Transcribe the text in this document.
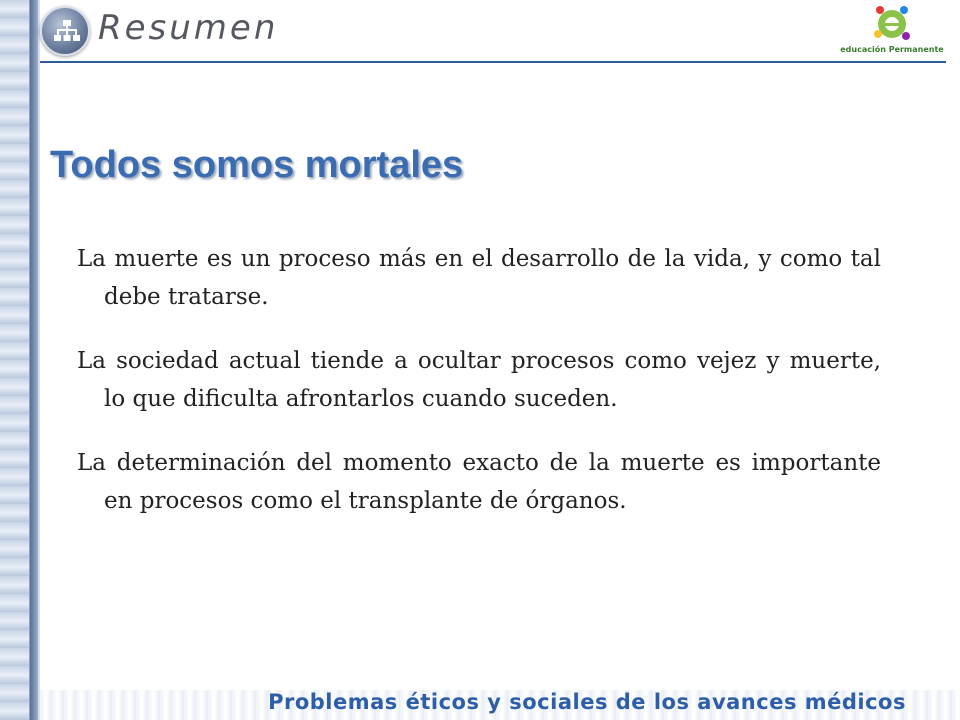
Resumen
educación Permanente
Todos somos mortales

La muerte es un proceso más en el desarrollo de la vida, y como tal debe tratarse.

La sociedad actual tiende a ocultar procesos como vejez y muerte, lo que dificulta afrontarlos cuando suceden.

La determinación del momento exacto de la muerte es importante en procesos como el transplante de órganos.

Problemas éticos y sociales de los avances médicos
